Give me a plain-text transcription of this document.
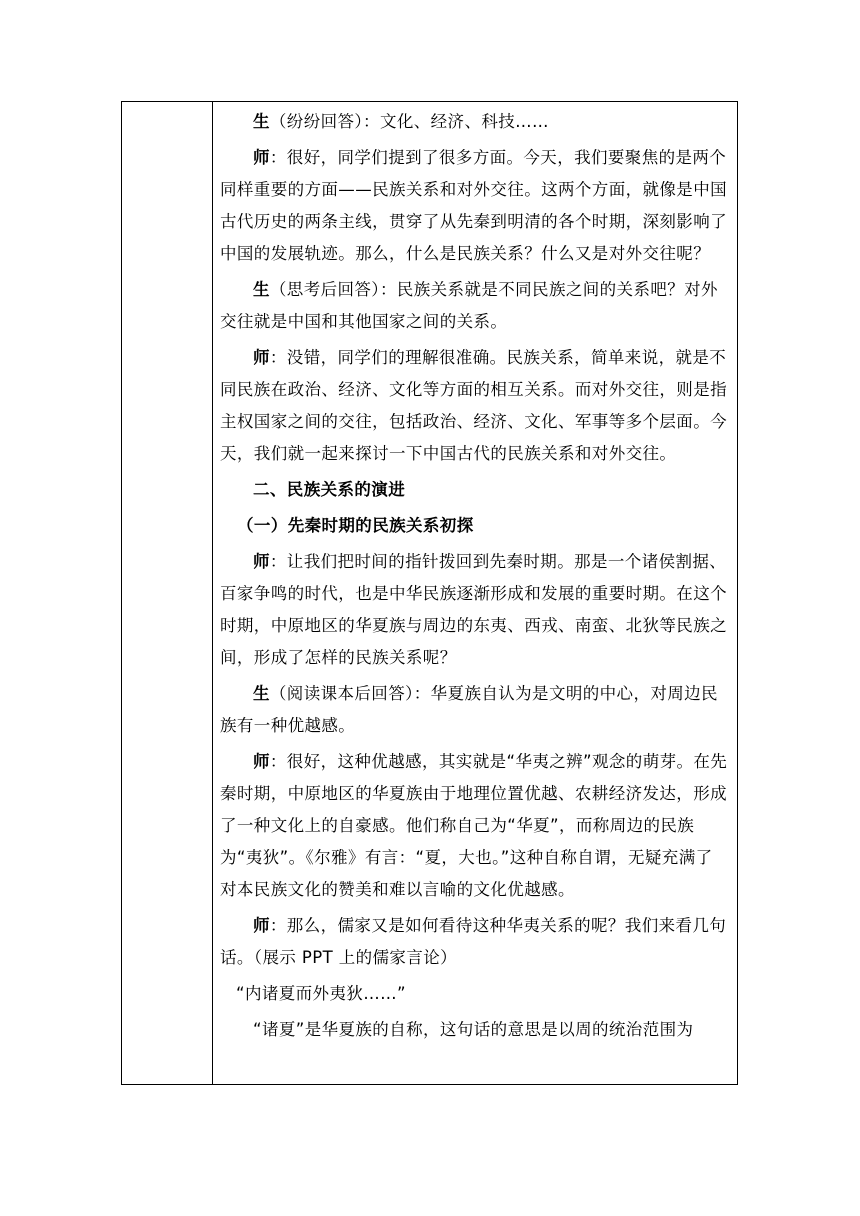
生（纷纷回答）：文化、经济、科技……

师：很好，同学们提到了很多方面。今天，我们要聚焦的是两个同样重要的方面——民族关系和对外交往。这两个方面，就像是中国古代历史的两条主线，贯穿了从先秦到明清的各个时期，深刻影响了中国的发展轨迹。那么，什么是民族关系？什么又是对外交往呢？

生（思考后回答）：民族关系就是不同民族之间的关系吧？对外交往就是中国和其他国家之间的关系。

师：没错，同学们的理解很准确。民族关系，简单来说，就是不同民族在政治、经济、文化等方面的相互关系。而对外交往，则是指主权国家之间的交往，包括政治、经济、文化、军事等多个层面。今天，我们就一起来探讨一下中国古代的民族关系和对外交往。

二、民族关系的演进

（一）先秦时期的民族关系初探

师：让我们把时间的指针拨回到先秦时期。那是一个诸侯割据、百家争鸣的时代，也是中华民族逐渐形成和发展的重要时期。在这个时期，中原地区的华夏族与周边的东夷、西戎、南蛮、北狄等民族之间，形成了怎样的民族关系呢？

生（阅读课本后回答）：华夏族自认为是文明的中心，对周边民族有一种优越感。

师：很好，这种优越感，其实就是“华夷之辨”观念的萌芽。在先秦时期，中原地区的华夏族由于地理位置优越、农耕经济发达，形成了一种文化上的自豪感。他们称自己为“华夏”，而称周边的民族为“夷狄”。《尔雅》有言：“夏，大也。”这种自称自谓，无疑充满了对本民族文化的赞美和难以言喻的文化优越感。

师：那么，儒家又是如何看待这种华夷关系的呢？我们来看几句话。（展示 PPT 上的儒家言论）

“内诸夏而外夷狄……”

“诸夏”是华夏族的自称，这句话的意思是以周的统治范围为
